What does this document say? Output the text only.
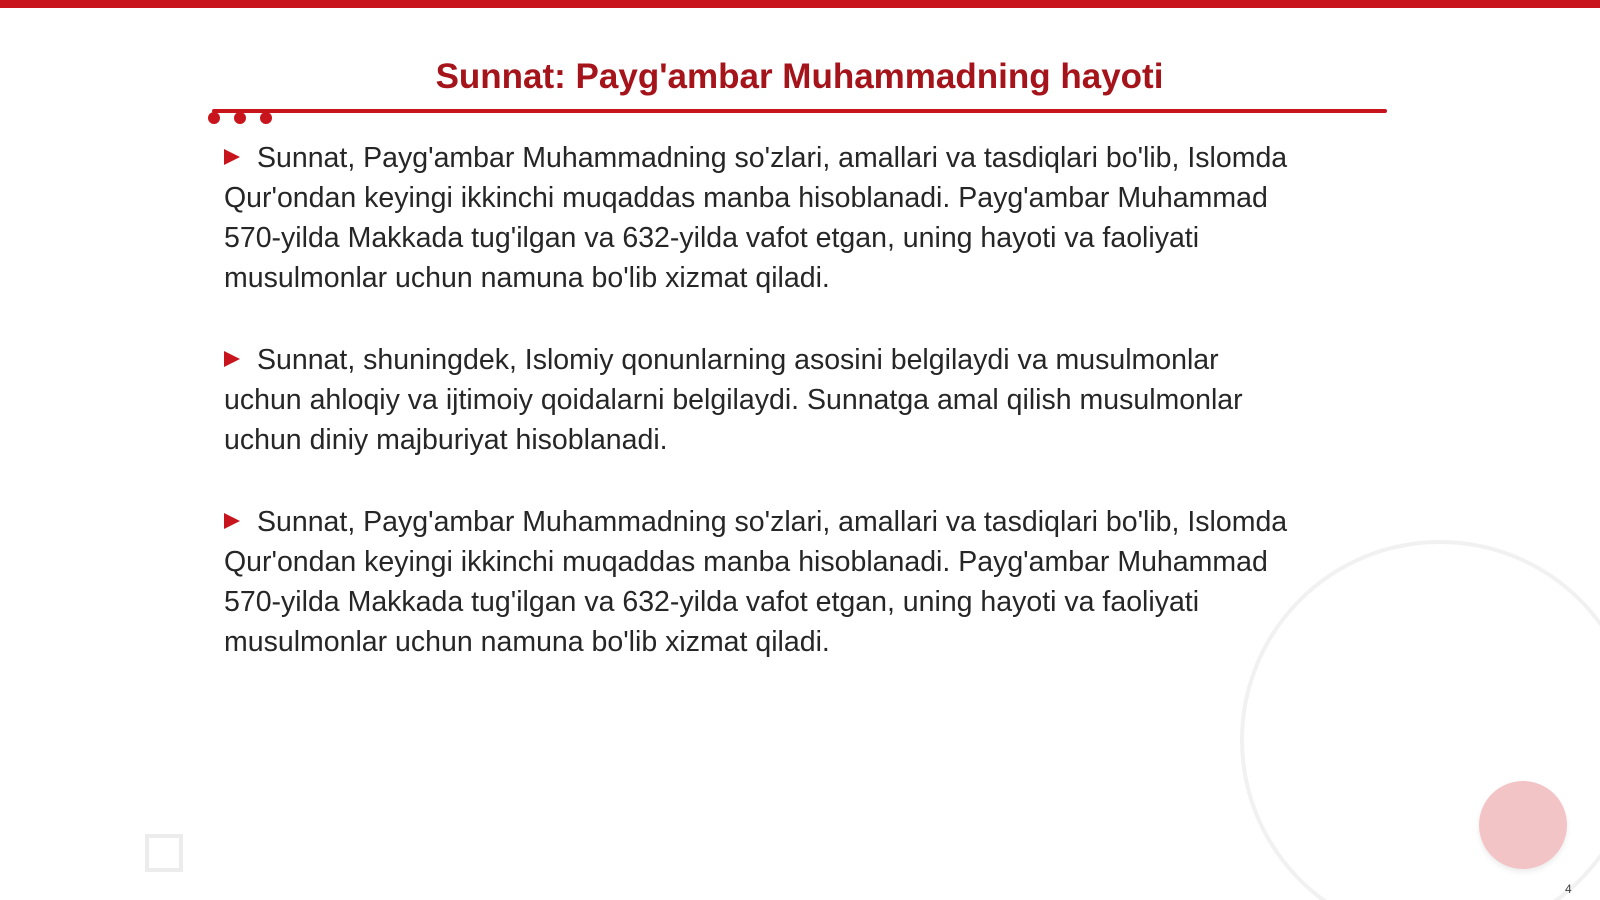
Sunnat: Payg'ambar Muhammadning hayoti
Sunnat, Payg'ambar Muhammadning so'zlari, amallari va tasdiqlari bo'lib, Islomda
Qur'ondan keyingi ikkinchi muqaddas manba hisoblanadi. Payg'ambar Muhammad
570-yilda Makkada tug'ilgan va 632-yilda vafot etgan, uning hayoti va faoliyati
musulmonlar uchun namuna bo'lib xizmat qiladi.
Sunnat, shuningdek, Islomiy qonunlarning asosini belgilaydi va musulmonlar
uchun ahloqiy va ijtimoiy qoidalarni belgilaydi. Sunnatga amal qilish musulmonlar
uchun diniy majburiyat hisoblanadi.
Sunnat, Payg'ambar Muhammadning so'zlari, amallari va tasdiqlari bo'lib, Islomda
Qur'ondan keyingi ikkinchi muqaddas manba hisoblanadi. Payg'ambar Muhammad
570-yilda Makkada tug'ilgan va 632-yilda vafot etgan, uning hayoti va faoliyati
musulmonlar uchun namuna bo'lib xizmat qiladi.
4
